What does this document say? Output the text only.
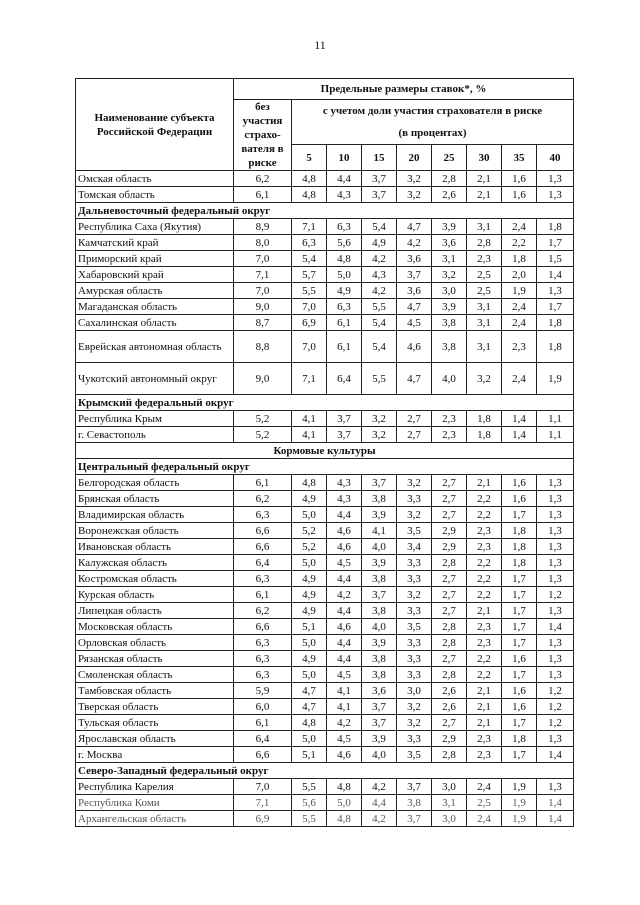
11
Наименование субъекта Российской Федерации	Предельные размеры ставок*, %								
	без участия страхо-вателя в риске	с учетом доли участия страхователя в риске
(в процентах)							

		5	10	15	20	25	30	35	40
Омская область	6,2	4,8	4,4	3,7	3,2	2,8	2,1	1,6	1,3
Томская область	6,1	4,8	4,3	3,7	3,2	2,6	2,1	1,6	1,3
Дальневосточный федеральный округ									
Республика Саха (Якутия)	8,9	7,1	6,3	5,4	4,7	3,9	3,1	2,4	1,8
Камчатский край	8,0	6,3	5,6	4,9	4,2	3,6	2,8	2,2	1,7
Приморский край	7,0	5,4	4,8	4,2	3,6	3,1	2,3	1,8	1,5
Хабаровский край	7,1	5,7	5,0	4,3	3,7	3,2	2,5	2,0	1,4
Амурская область	7,0	5,5	4,9	4,2	3,6	3,0	2,5	1,9	1,3
Магаданская область	9,0	7,0	6,3	5,5	4,7	3,9	3,1	2,4	1,7
Сахалинская область	8,7	6,9	6,1	5,4	4,5	3,8	3,1	2,4	1,8
Еврейская автономная область	8,8	7,0	6,1	5,4	4,6	3,8	3,1	2,3	1,8
Чукотский автономный округ	9,0	7,1	6,4	5,5	4,7	4,0	3,2	2,4	1,9
Крымский федеральный округ									
Республика Крым	5,2	4,1	3,7	3,2	2,7	2,3	1,8	1,4	1,1
г. Севастополь	5,2	4,1	3,7	3,2	2,7	2,3	1,8	1,4	1,1
Кормовые культуры									
Центральный федеральный округ									
Белгородская область	6,1	4,8	4,3	3,7	3,2	2,7	2,1	1,6	1,3
Брянская область	6,2	4,9	4,3	3,8	3,3	2,7	2,2	1,6	1,3
Владимирская область	6,3	5,0	4,4	3,9	3,2	2,7	2,2	1,7	1,3
Воронежская область	6,6	5,2	4,6	4,1	3,5	2,9	2,3	1,8	1,3
Ивановская область	6,6	5,2	4,6	4,0	3,4	2,9	2,3	1,8	1,3
Калужская область	6,4	5,0	4,5	3,9	3,3	2,8	2,2	1,8	1,3
Костромская область	6,3	4,9	4,4	3,8	3,3	2,7	2,2	1,7	1,3
Курская область	6,1	4,9	4,2	3,7	3,2	2,7	2,2	1,7	1,2
Липецкая область	6,2	4,9	4,4	3,8	3,3	2,7	2,1	1,7	1,3
Московская область	6,6	5,1	4,6	4,0	3,5	2,8	2,3	1,7	1,4
Орловская область	6,3	5,0	4,4	3,9	3,3	2,8	2,3	1,7	1,3
Рязанская область	6,3	4,9	4,4	3,8	3,3	2,7	2,2	1,6	1,3
Смоленская область	6,3	5,0	4,5	3,8	3,3	2,8	2,2	1,7	1,3
Тамбовская область	5,9	4,7	4,1	3,6	3,0	2,6	2,1	1,6	1,2
Тверская область	6,0	4,7	4,1	3,7	3,2	2,6	2,1	1,6	1,2
Тульская область	6,1	4,8	4,2	3,7	3,2	2,7	2,1	1,7	1,2
Ярославская область	6,4	5,0	4,5	3,9	3,3	2,9	2,3	1,8	1,3
г. Москва	6,6	5,1	4,6	4,0	3,5	2,8	2,3	1,7	1,4
Северо-Западный федеральный округ									
Республика Карелия	7,0	5,5	4,8	4,2	3,7	3,0	2,4	1,9	1,3
Республика Коми	7,1	5,6	5,0	4,4	3,8	3,1	2,5	1,9	1,4
Архангельская область	6,9	5,5	4,8	4,2	3,7	3,0	2,4	1,9	1,4
